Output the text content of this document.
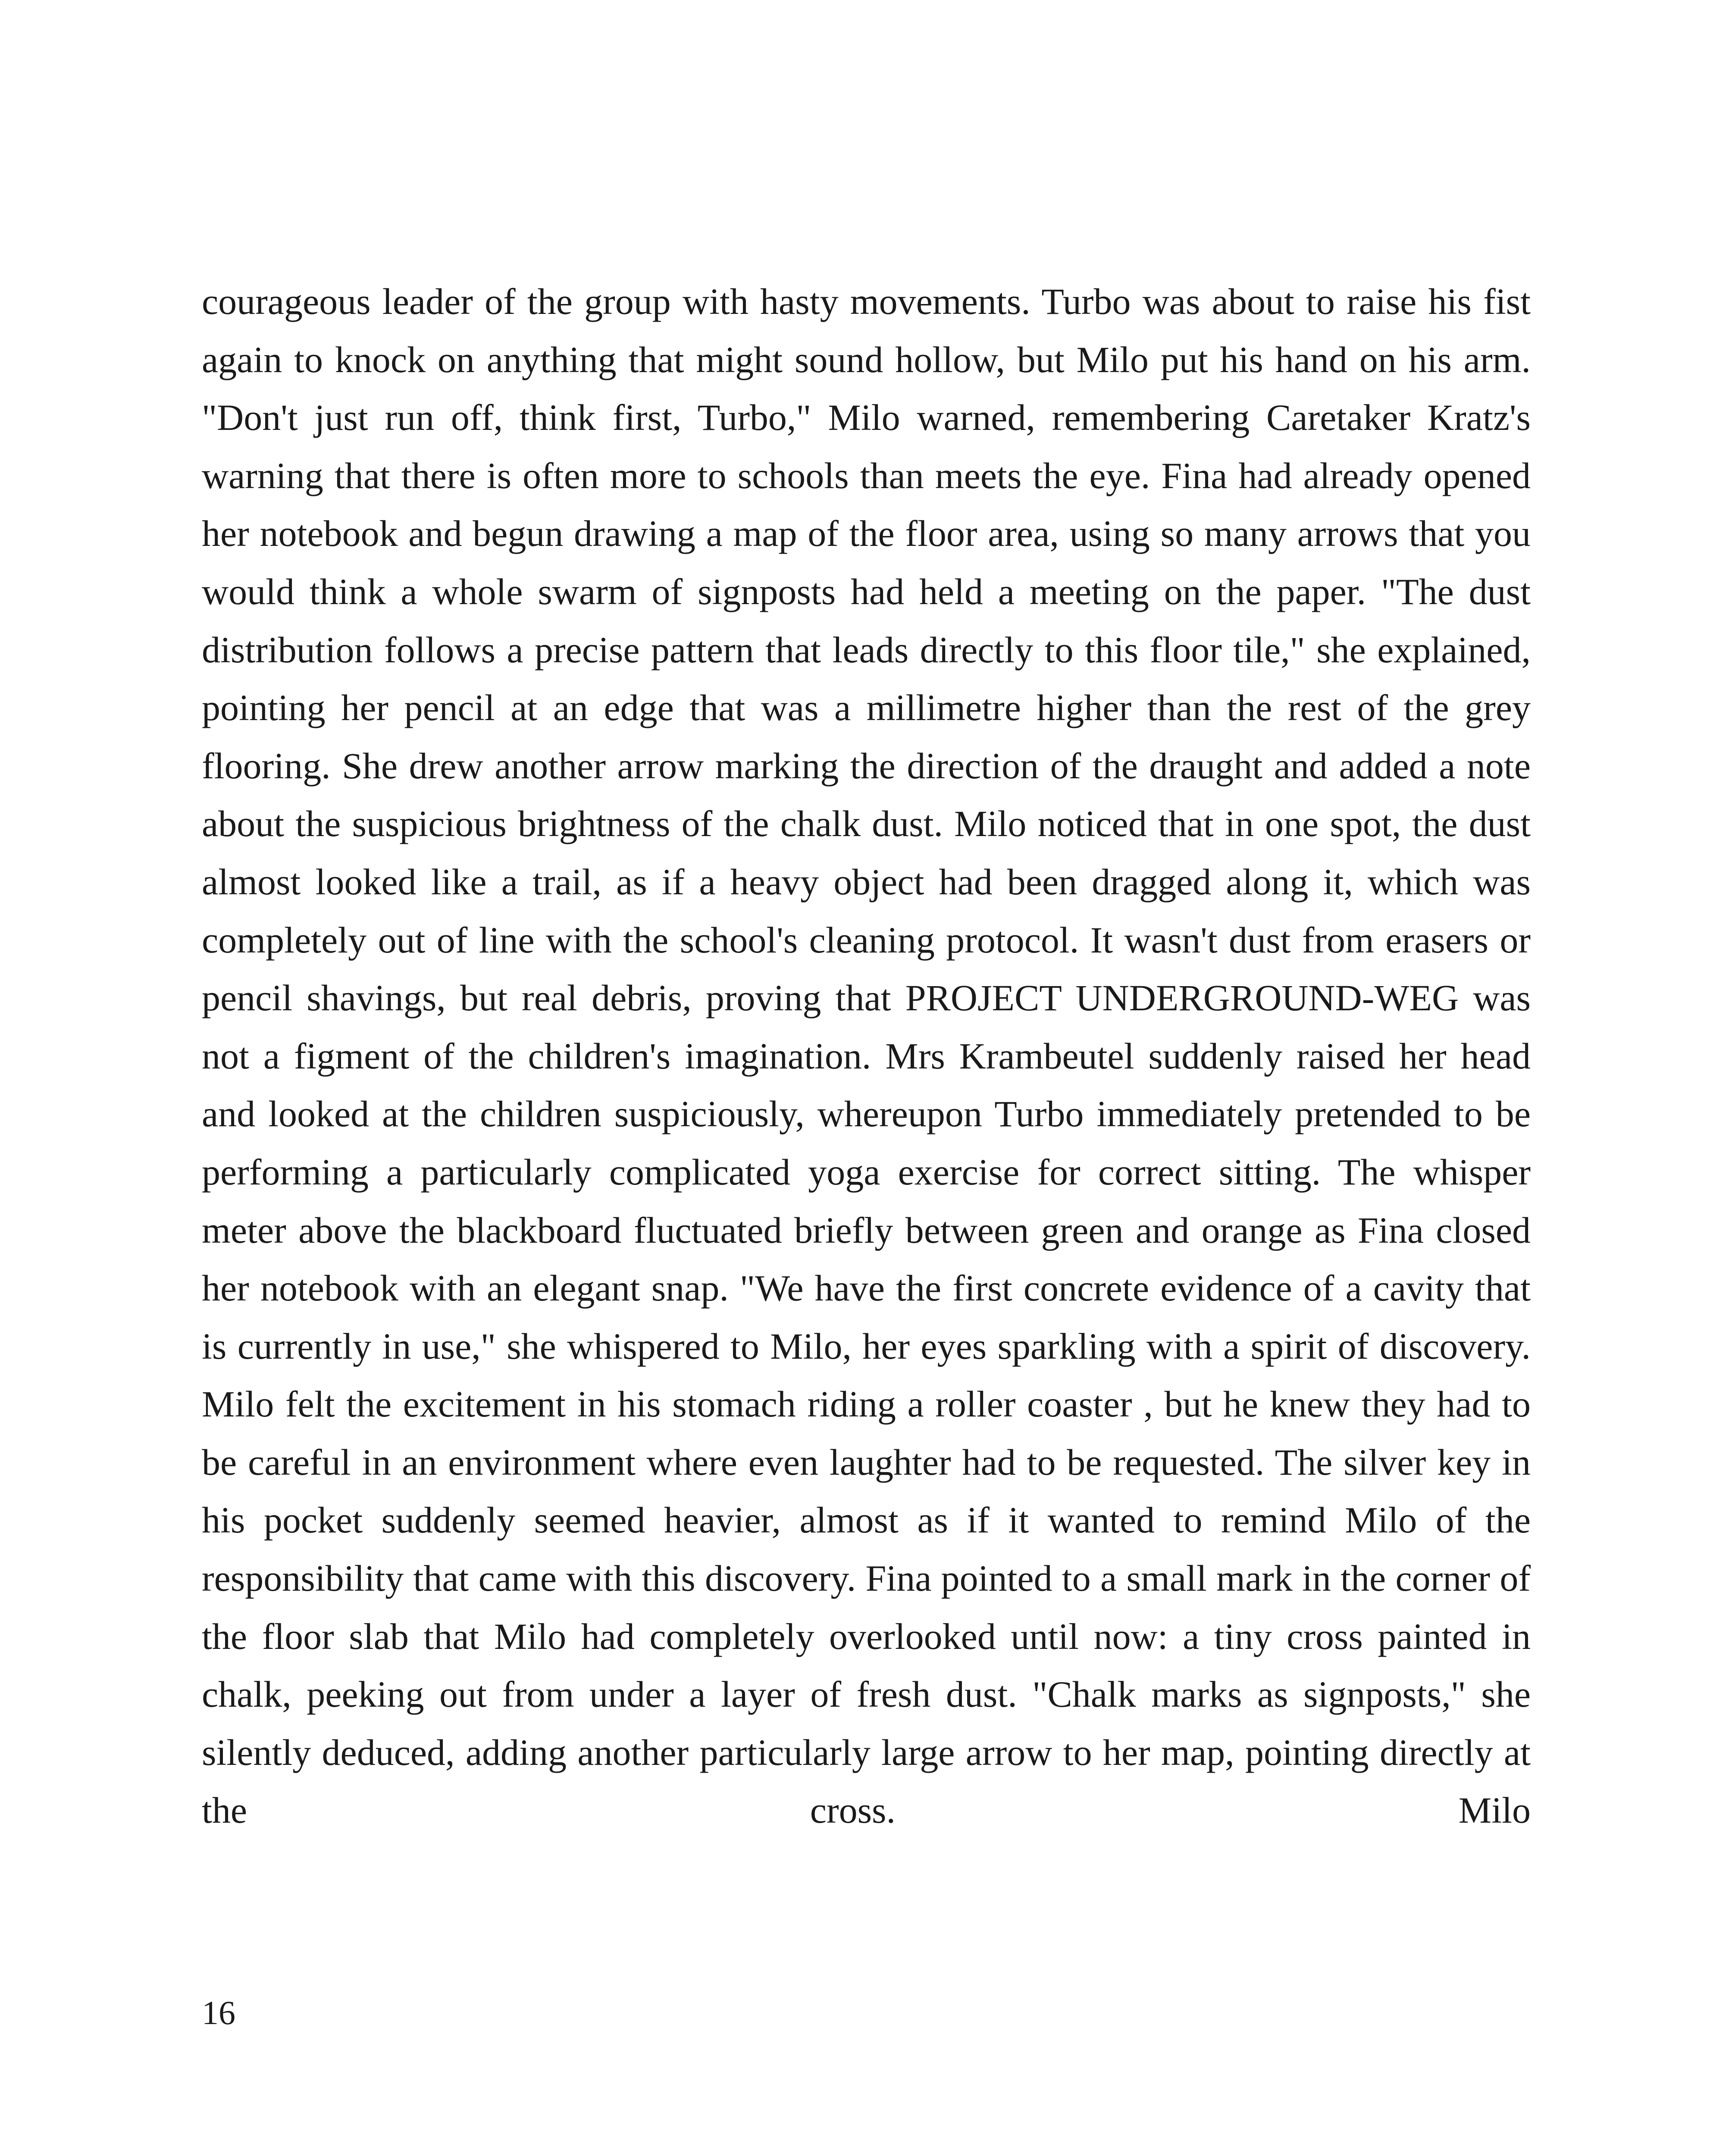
courageous leader of the group with hasty movements. Turbo was about to raise his fist again to knock on anything that might sound hollow, but Milo put his hand on his arm. "Don't just run off, think first, Turbo," Milo warned, remembering Caretaker Kratz's warning that there is often more to schools than meets the eye. Fina had already opened her notebook and begun drawing a map of the floor area, using so many arrows that you would think a whole swarm of signposts had held a meeting on the paper. "The dust distribution follows a precise pattern that leads directly to this floor tile," she explained, pointing her pencil at an edge that was a millimetre higher than the rest of the grey flooring. She drew another arrow marking the direction of the draught and added a note about the suspicious brightness of the chalk dust. Milo noticed that in one spot, the dust almost looked like a trail, as if a heavy object had been dragged along it, which was completely out of line with the school's cleaning protocol. It wasn't dust from erasers or pencil shavings, but real debris, proving that PROJECT UNDERGROUND-WEG was not a figment of the children's imagination. Mrs Krambeutel suddenly raised her head and looked at the children suspiciously, whereupon Turbo immediately pretended to be performing a particularly complicated yoga exercise for correct sitting. The whisper meter above the blackboard fluctuated briefly between green and orange as Fina closed her notebook with an elegant snap. "We have the first concrete evidence of a cavity that is currently in use," she whispered to Milo, her eyes sparkling with a spirit of discovery. Milo felt the excitement in his stomach riding a roller coaster , but he knew they had to be careful in an environment where even laughter had to be requested. The silver key in his pocket suddenly seemed heavier, almost as if it wanted to remind Milo of the responsibility that came with this discovery. Fina pointed to a small mark in the corner of the floor slab that Milo had completely overlooked until now: a tiny cross painted in chalk, peeking out from under a layer of fresh dust. "Chalk marks as signposts," she silently deduced, adding another particularly large arrow to her map, pointing directly at the cross. Milo

16
